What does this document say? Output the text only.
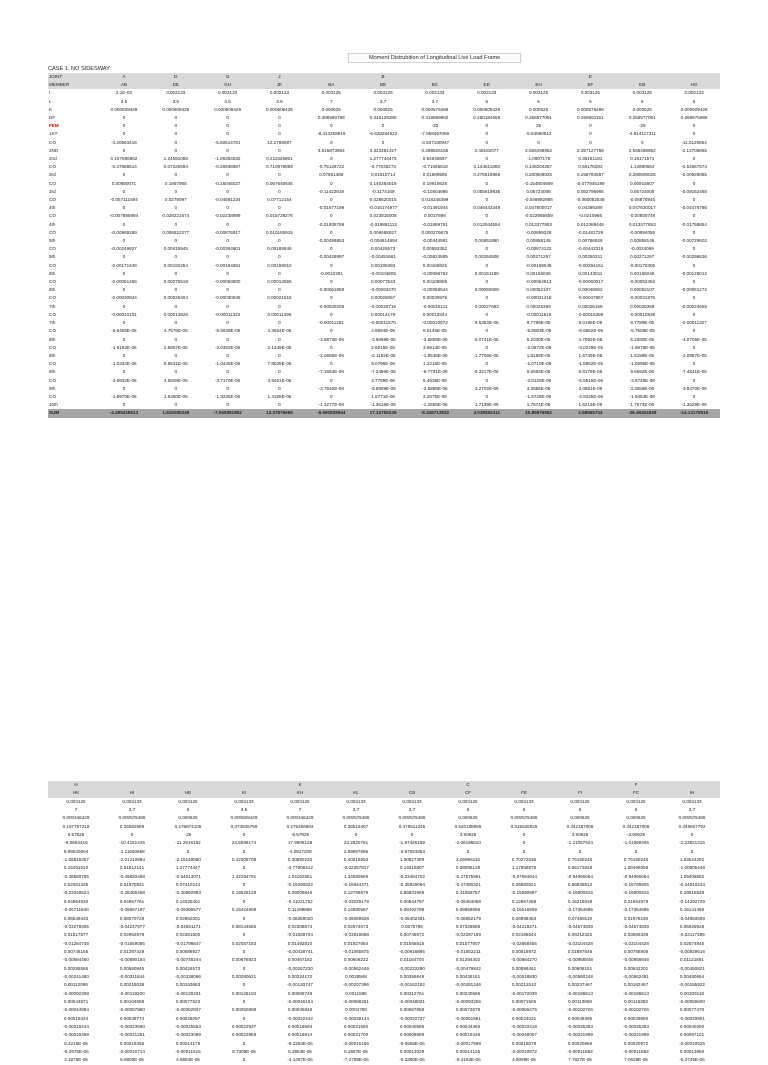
Moment Distrubition of Longitudinal Live Load Frame
CASE 1: NO SIDESWAY
JOINT	A	D	G	J		B				E		
MEMBER	AB	DE	GH	JK	BA	BE	BC	ED	EH	EF	EB	HG
I	2.1E-03	0.002133	0.002133	0.002133	0.003125	0.003125	0.002133	0.002133	0.003125	0.003125	0.003125	0.002133
L	3.5	3.5	3.5	3.5	7	3.7	3.7	5	5	5	5	5
K	0.000609429	0.000609429	0.000609429	0.000609429	0.000625	0.000625	0.000576486	0.000609429	0.000625	0.000576486	0.000625	0.000609429
DF	0	0	0	0	0.386580788	0.345129385	0.318889882	0.250184656	0.256577091	0.266661161	0.256577091	0.269975986
FEM	0	0	0	0	0	0	-25	0	25	0	-25	0
1ST	0	0	0	0	-8.413268819	-6.628284622	-7.958497059	0	-5.64580912	0	-4.814117311	0
CO	-4.20663416	0	-5.50514781	12.2798087	0	0	-3.937180947	0	0	0	0	-11.0129564
2ND	0	0	0	0	3.815873964	3.323481427	0.298826155	2.48182077	2.555488952	2.357127756	2.555488952	-2.12706665
2nd	0.157686682	1.24591088	-1.06354832	0.211526851	0	1.277744476	0.94648697	0	-1.0907178	0.35181181	0.16171571	0
CO	-0.37588614	0.07225594	-0.26938687	0.710979859	-0.75126722	-0.77046273	-0.71065818	0.144511883	0.148204287	0.56176282	1.12890654	-0.52667874
3rd	0	0	0	0	0.07861488	0.01818714	0.01689595	0.278519968	0.280508025	0.258784587	0.280508025	-0.00929055
CO	0.00890071	0.1867968	-0.15046027	0.067640645	0	0.140254018	0.19919828	0	-0.154804669	-0.077945199	0.00915807	0
3rd	0	0	0	0	-0.11422919	-0.1174169	-0.10804886	0.055819935	0.05724008	0.052796966	0.05724008	-0.09162468
CO	-0.057111594	0.0279097	-0.04581234	0.07712154	0	0.028620015	0.018246399	0	-0.046982886	-0.080082548	-0.05870845	0
4th	0	0	0	0	-0.01577198	-0.016174977	-0.01491944	0.046443349	0.047600017	0.04399289	0.047630017	-0.04476786
CO	-0.007885994	0.028221674	-0.02238899	0.015728276	0	0.023815008	0.0037898	0	-0.022955859	-0.0210966	-0.00800749	0
4th	0	0	0	0	-0.01935788	-0.019881112	-0.01889791	0.013044554	0.013377853	0.012389448	0.013377853	-0.01758854
CO	-0.00969289	0.006522277	-0.00876917	0.010185915	0	0.006688927	0.000276675	0	-0.00899328	-0.01481726	-0.00994055	0
5th	0	0	0	0	-0.00499853	-0.004814994	-0.00444591	0.00851890	0.00858146	0.00786928	0.00858146	-0.00729602
CO	-0.00249927	0.00415945	-0.00364801	0.00188846	0	0.00426573	0.00592352	0	-0.00874122	-0.00442315	-0.0024099	0
5th	0	0	0	0	-0.00428997	-0.00451661	-0.00824865	0.00264508	0.00271267	0.00250211	0.00271267	-0.00296636
CO	-0.00171449	0.00192254	-0.00164881	0.00159010	0	0.00195393	0.00168825	0	-0.00169048	-0.00294151	-0.00178306	0
6th	0	0	0	0	-0.0010291	-0.00104805	-0.00096762	0.00151189	0.00155046	0.00143011	0.00155046	-0.00126012
CO	-0.00051456	0.00075519	-0.00063800	0.00012555	0	0.00077523	0.00108808	0	-0.00064613	-0.00060017	-0.00052452	0
6th	0	0	0	0	-0.00061889	-0.00063470	-0.00058544	0.00050808	0.00052107	0.00048062	0.00052107	-0.00061272
CO	-0.00030944	0.00025404	-0.00030636	0.00021515	0	0.00026057	0.00039979	0	-0.00031418	-0.00047857	-0.00031875	0
7th	0	0	0	0	-0.00020208	-0.00020719	-0.00019111	0.00027652	0.00028359	0.00026158	0.00028359	-0.00024655
CO	-0.00010101	0.00013826	-0.00011322	0.00011496	0	0.00014179	0.00019344	0	-0.00011519	-0.00016289	-0.00010839	0
7th	0	0	0	0	-0.00011281	-0.00011570	-0.00010672	9.5352E-05	9.7789E-05	9.0198E-05	9.7789E-05	-0.00011327
CO	-5.6405E-05	4.7676E-05	-5.6639E-05	4.3654E-05	0	4.8894E-05	6.5146E-05	0	-5.8083E-05	-8.6852E-05	-5.7508E-05	0
8th	0	0	0	0	-3.8874E-05	-3.9869E-05	-3.6809E-05	5.0741E-05	5.2030E-05	4.7992E-05	5.2080E-05	-4.0705E-05
CO	-1.9192E-05	2.5867E-05	-2.0352E-05	2.1349E-05	0	2.6015E-05	3.5914E-05	0	-2.0872E-05	-3.0229E-05	-1.9679E-05	0
8th	0	0	0	0	-2.0665E-05	-2.1192E-05	-1.9548E-05	1.7706E-05	1.8159E-05	1.6749E-05	1.8159E-05	-2.0887E-05
CO	-1.0332E-05	8.8531E-06	-1.0448E-05	7.8026E-06	0	9.0796E-06	1.2215E-05	0	-1.0710E-05	-1.5952E-05	-1.0596E-05	0
9th	0	0	0	0	-7.1664E-06	-7.3496E-06	-6.7791E-06	9.3217E-06	9.5593E-06	8.8178E-06	9.5592E-06	-7.4841E-06
CO	-3.5832E-06	4.6608E-06	-3.7170E-06	3.9451E-06	0	4.7799E-06	6.4939E-06	0	-3.8120E-06	-5.5915E-06	-3.6748E-06	0
9th	0	0	0	0	-3.7940E-06	-3.8909E-06	-3.5889E-06	3.2702E-06	3.3556E-06	3.0951E-06	3.3556E-06	-3.8470E-06
CO	-1.8970E-06	1.6360E-06	-1.9235E-06	1.4155E-06	0	1.6771E-06	2.2675E-06	0	-1.9726E-06	-2.9325E-06	-1.9454E-06	0
10th	0	0	0	0	-1.3277E-06	-1.3616E-06	-1.2559E-06	1.7139E-06	1.7574E-06	1.6213E-06	1.7574E-06	-1.3629E-06
SUM	-4.495418613	1.519295348	-7.065891892	13.37875665	-8.990838554	17.33755239	-8.346713832	3.038592411	20.86979952	2.58565744	-26.49404938	-14.13178515
H				K			C			F	
HK	HI	HE	KI	KH	KL	CB	CF	FE	FI	FC	IH
0.003125	0.002133	0.003125	0.002133	0.003125	0.002133	0.002133	0.003125	0.002133	0.003125	0.003125	0.002133
7	3.7	5	3.5	7	3.7	3.7	5	5	5	5	3.7
0.000446429	0.000576486	0.000625	0.000609429	0.000446429	0.000576486	0.000576486	0.000625	0.000576486	0.000625	0.000625	0.000576486
0.197767219	0.25582689	0.276874106	0.373845759	0.275489894	0.35516407	0.479511045	0.520188955	0.315625925	0.342187008	0.342187008	0.349827792
6.57825	0	-25	0	-6.57825	0	0	3.90625	0	3.90625	-3.90625	0
-8.0654416	-10.4151445	-11.2916182	24.5596174	17.9908129	23.2820751	-1.87426189	-2.08198810	0	-1.21057824	-1.01599405	-2.23821316
8.99540604	-1.11660658	0	0	-4.0827208	2.89957895	-3.97924853	0	0	0	0	0
-1.55816257	-2.01210894	-2.18149550	0.42305708	0.30890220	0.40018593	1.90827389	2.06996115	0.70272636	0.76190246	0.76190246	1.03624282
0.15491510	0.51812141	1.27774447	0	-0.77908412	-0.02357817	0.14916807	0.08095128	1.17858878	0.56172828	1.08498056	-1.00605449
-0.38580765	-0.49820488	-0.54013071	1.42194791	1.04162851	1.34580569	-0.23454702	-0.27575961	-0.87594644	-0.94966064	-0.94966064	1.09406682
0.52081425	0.51970831	0.07410214	0	-0.19290822	-0.16944471	-0.35829094	-0.47480321	0.06880521	0.56848812	-0.18789805	-0.24910244
-0.22048524	-0.28465458	-0.30860993	0.19528128	0.09009846	0.12796879	0.89831965	0.41859757	-0.15590897	-0.16900916	-0.16900916	0.29915528
0.04954920	0.04957761	0.14025401	0	-0.11021762	-0.03029178	0.00844797	-0.08454058	0.12967268	0.16216538	0.21591879	-0.14292729
-0.06711840	-0.08667197	-0.09396577	0.15424808	0.11298866	0.14580567	0.08492798	0.08958085	-0.16016509	-0.17364895	-0.17364895	0.16141459
0.05649433	0.08070729	0.02862001	0	-0.08359020	-0.05069828	-0.05402481	-0.08682179	0.26998483	0.07489119	0.01978190	-0.04893599
-0.03279405	-0.04247977	-0.04591171	0.08144655	0.02308574	0.02974673	0.0675796	0.07326668	-0.04219271	-0.04574839	-0.04574839	0.05925928
0.01517877	0.02962979	0.02381500	0	-0.01839704	-0.03816858	0.00745972	-0.02287169	0.02196644	0.09212322	0.03669339	-0.02117399
-0.01284748	-0.01659085	-0.01798647	0.02087183	0.01492810	0.01927064	0.01558815	0.01577807	-0.02868455	-0.03104428	-0.03104428	0.02574845
0.00746155	0.01287428	0.00688927	0	-0.00428741	-0.01065875	-0.00916895	-0.01552211	0.00616972	0.01897648	0.00788908	-0.00829516
-0.00594460	-0.00690164	-0.00748244	0.00676923	0.00467182	0.00608222	0.01184704	0.01284402	-0.00884270	-0.00958848	-0.00958848	0.01121891
0.00295566	0.00560945	0.00426573	0	-0.00267230	-0.00552449	-0.00222290	-0.00479842	0.00899461	0.00608151	0.00642201	-0.00450821
-0.00241480	-0.00311844	-0.00338086	0.00280621	0.00224172	0.0028848	0.00396649	0.00438151	-0.00518830	-0.00560248	-0.00562481	0.00480664
0.00112086	0.00219038	0.00153683	0	-0.00120747	-0.00207396	-0.00162182	-0.00281246	0.00212510	0.00237467	0.00182487	-0.00155922
-0.00092308	-0.00119200	-0.00129231	0.00125102	0.00089749	0.0011588	0.00212761	0.00230665	-0.00172039	-0.00186513	-0.00186513	0.00209118
0.00044871	0.00104559	0.00077523	0	-0.00046154	-0.00088251	-0.00048831	-0.00093256	0.00071505	0.00113858	0.00115383	-0.00059600
-0.00044884	-0.00057960	-0.00062837	0.00050808	0.00036848	0.0004758	0.00067958	0.00073678	-0.00069475	-0.00102726	-0.00102726	0.00077470
0.00018424	0.00038774	0.00026057	0	-0.00022442	-0.00039144	-0.00020727	-0.00051861	0.00024031	0.00048395	0.00039850	-0.00029801
-0.00018244	-0.00023560	-0.00025553	0.00022937	0.00016694	0.00021580	0.00040895	0.00044366	-0.00033418	-0.00036283	-0.00036283	0.00040260
-0.00016459	-0.00021251	-0.00023099	0.00022959	0.00016814	0.00021700	0.00008889	0.00019448	-0.00048007	-0.00031999	-0.00031999	0.00087101
8.4215E-05	0.00019355	0.00014179	0	-8.2284E-05	-0.00015156	-9.5555E-05	-0.00017599	0.00018079	0.00020969	0.00020972	-0.00010625
-8.2975E-05	-0.00010714	-0.00011616	8.7305E-05	6.3954E-05	8.2587E-05	0.00013029	0.00014125	-0.00010872	-0.00011883	-0.00011883	0.00013980
3.1978E-05	6.9900E-05	4.8894E-05	0	-4.1487E-05	-7.2798E-05	-5.3360E-05	-9.4163E-05	4.9099E-05	7.7827E-05	7.0629E-05	-5.3745E-05
